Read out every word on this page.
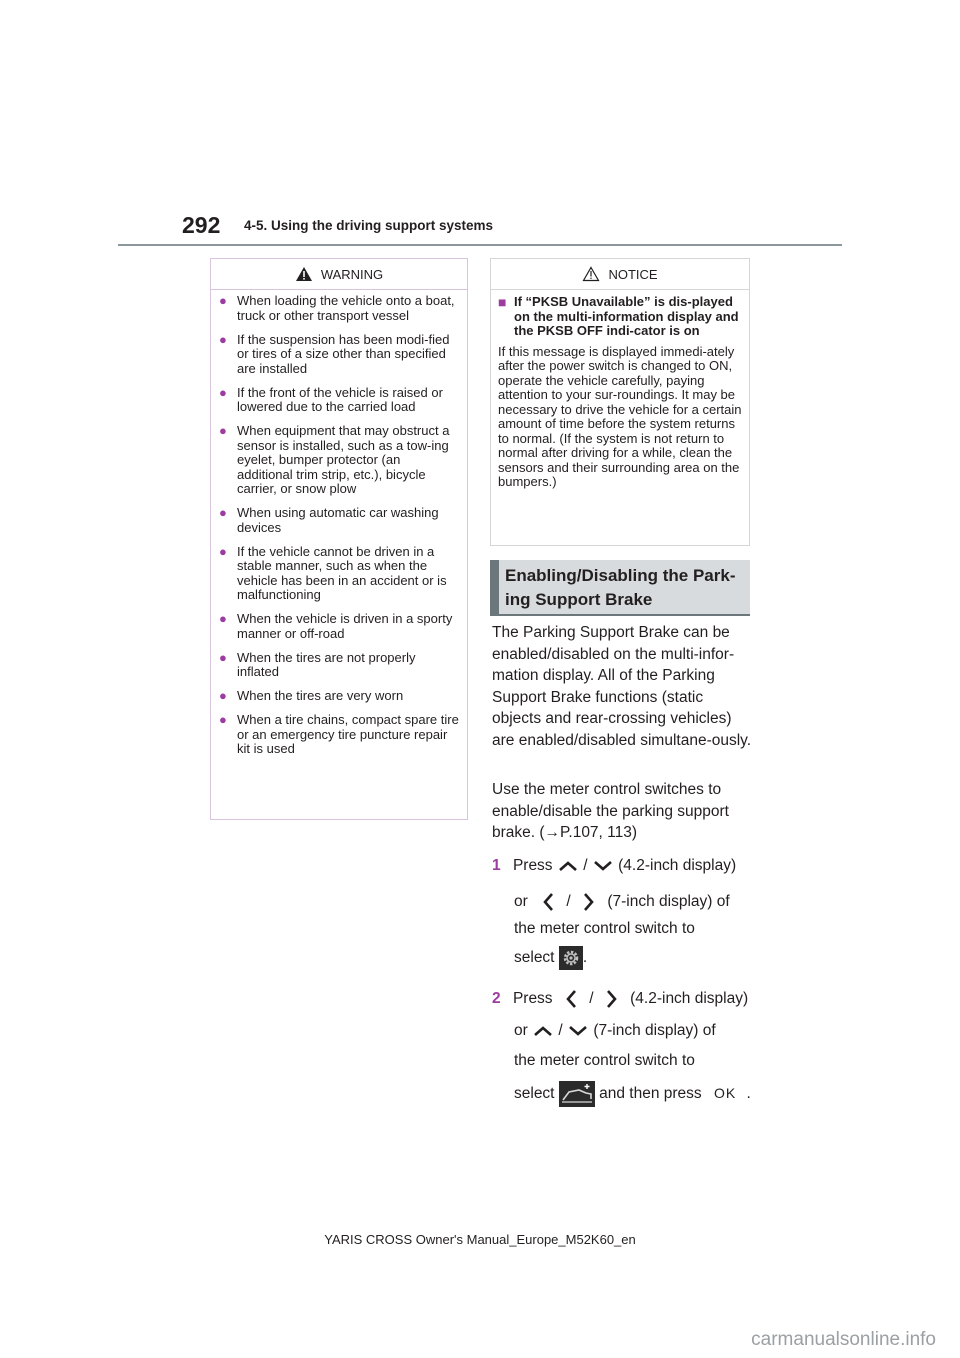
292 4-5. Using the driving support systems
WARNING
● When loading the vehicle onto a boat, truck or other transport vessel
● If the suspension has been modi-fied or tires of a size other than specified are installed
● If the front of the vehicle is raised or lowered due to the carried load
● When equipment that may obstruct a sensor is installed, such as a tow-ing eyelet, bumper protector (an additional trim strip, etc.), bicycle carrier, or snow plow
● When using automatic car washing devices
● If the vehicle cannot be driven in a stable manner, such as when the vehicle has been in an accident or is malfunctioning
● When the vehicle is driven in a sporty manner or off-road
● When the tires are not properly inflated
● When the tires are very worn
● When a tire chains, compact spare tire or an emergency tire puncture repair kit is used
NOTICE
■ If “PKSB Unavailable” is dis-played on the multi-information display and the PKSB OFF indi-cator is on
If this message is displayed immedi-ately after the power switch is changed to ON, operate the vehicle carefully, paying attention to your sur-roundings. It may be necessary to drive the vehicle for a certain amount of time before the system returns to normal. (If the system is not return to normal after driving for a while, clean the sensors and their surrounding area on the bumpers.)
Enabling/Disabling the Park-ing Support Brake
The Parking Support Brake can be enabled/disabled on the multi-infor-mation display. All of the Parking Support Brake functions (static objects and rear-crossing vehicles) are enabled/disabled simultane-ously.
Use the meter control switches to enable/disable the parking support brake. (→P.107, 113)
1 Press / (4.2-inch display)
or / (7-inch display) of
the meter control switch to
select .
2 Press / (4.2-inch display)
or / (7-inch display) of
the meter control switch to
select	and then press OK .
YARIS CROSS Owner's Manual_Europe_M52K60_en
carmanualsonline.info
